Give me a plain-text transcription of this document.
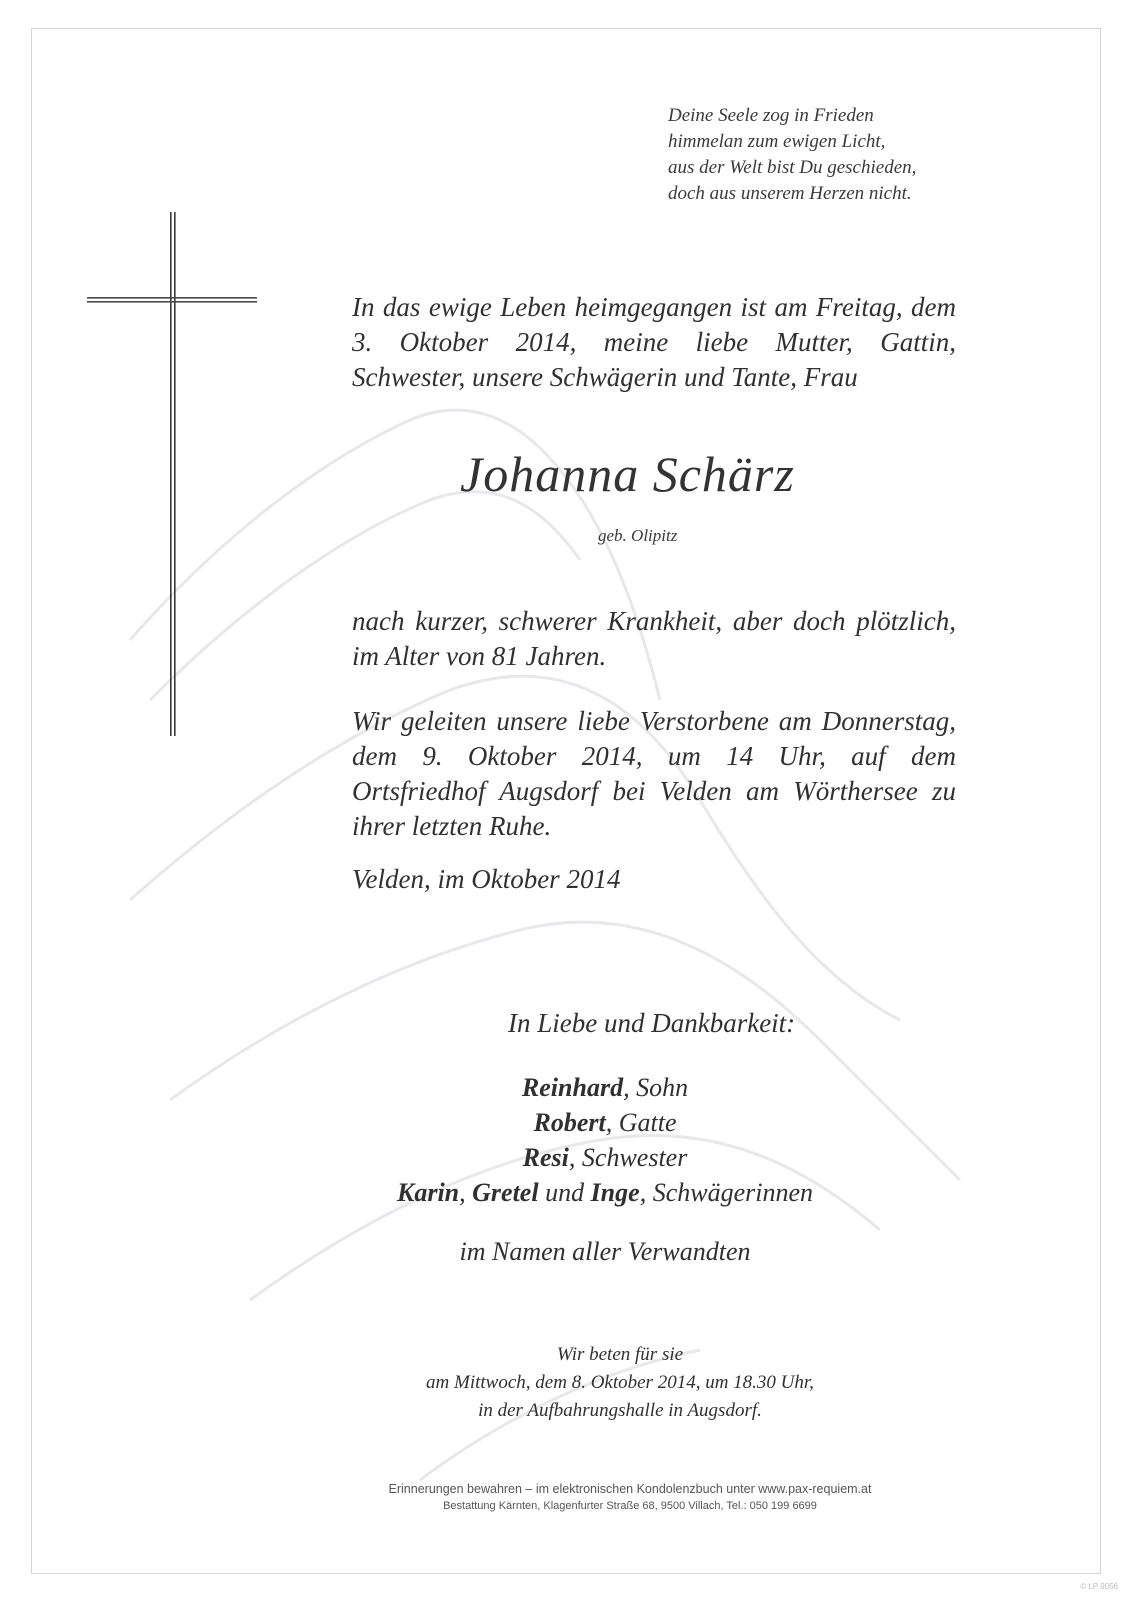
Deine Seele zog in Frieden
himmelan zum ewigen Licht,
aus der Welt bist Du geschieden,
doch aus unserem Herzen nicht.
In das ewige Leben heimgegangen ist am Freitag, dem
3. Oktober 2014, meine liebe Mutter, Gattin,
Schwester, unsere Schwägerin und Tante, Frau
Johanna Schärz
geb. Olipitz
nach kurzer, schwerer Krankheit, aber doch plötzlich,
im Alter von 81 Jahren.
Wir geleiten unsere liebe Verstorbene am Donnerstag,
dem 9. Oktober 2014, um 14 Uhr, auf dem
Ortsfriedhof Augsdorf bei Velden am Wörthersee zu
ihrer letzten Ruhe.
Velden, im Oktober 2014
In Liebe und Dankbarkeit:
Reinhard, Sohn
Robert, Gatte
Resi, Schwester
Karin, Gretel und Inge, Schwägerinnen
im Namen aller Verwandten
Wir beten für sie
am Mittwoch, dem 8. Oktober 2014, um 18.30 Uhr,
in der Aufbahrungshalle in Augsdorf.
Erinnerungen bewahren – im elektronischen Kondolenzbuch unter www.pax-requiem.at
Bestattung Kärnten, Klagenfurter Straße 68, 9500 Villach, Tel.: 050 199 6699
© LP 9056
